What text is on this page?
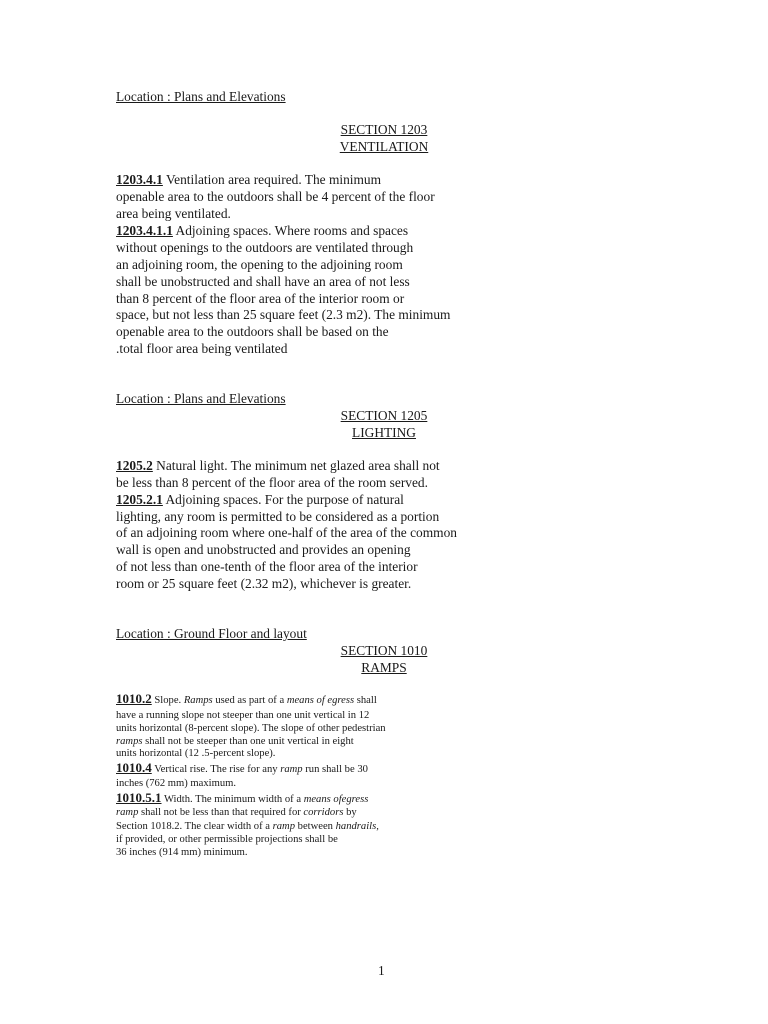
Location : Plans and Elevations
SECTION 1203
VENTILATION
1203.4.1 Ventilation area required. The minimum
openable area to the outdoors shall be 4 percent of the floor
area being ventilated.
1203.4.1.1 Adjoining spaces. Where rooms and spaces
without openings to the outdoors are ventilated through
an adjoining room, the opening to the adjoining room
shall be unobstructed and shall have an area of not less
than 8 percent of the floor area of the interior room or
space, but not less than 25 square feet (2.3 m2). The minimum
openable area to the outdoors shall be based on the
.total floor area being ventilated
Location : Plans and Elevations
SECTION 1205
LIGHTING
1205.2 Natural light. The minimum net glazed area shall not
be less than 8 percent of the floor area of the room served.
1205.2.1 Adjoining spaces. For the purpose of natural
lighting, any room is permitted to be considered as a portion
of an adjoining room where one-half of the area of the common
wall is open and unobstructed and provides an opening
of not less than one-tenth of the floor area of the interior
room or 25 square feet (2.32 m2), whichever is greater.
Location : Ground Floor and layout
SECTION 1010
RAMPS
1010.2 Slope. Ramps used as part of a means of egress shall
have a running slope not steeper than one unit vertical in 12
units horizontal (8-percent slope). The slope of other pedestrian
ramps shall not be steeper than one unit vertical in eight
units horizontal (12 .5-percent slope).
1010.4 Vertical rise. The rise for any ramp run shall be 30
inches (762 mm) maximum.
1010.5.1 Width. The minimum width of a means ofegress
ramp shall not be less than that required for corridors by
Section 1018.2. The clear width of a ramp between handrails,
if provided, or other permissible projections shall be
36 inches (914 mm) minimum.
1
